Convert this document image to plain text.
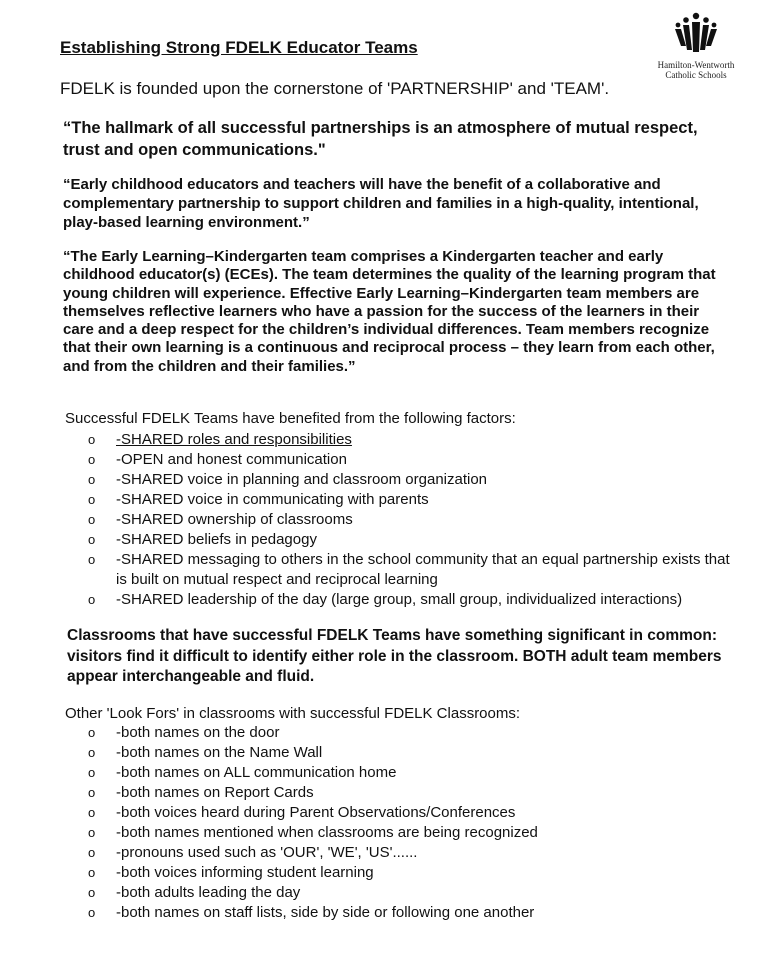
Establishing Strong FDELK Educator Teams
Hamilton-Wentworth
Catholic Schools
FDELK is founded upon the cornerstone of 'PARTNERSHIP' and 'TEAM'.
“The hallmark of all successful partnerships is an atmosphere of mutual respect, trust and open communications."
“Early childhood educators and teachers will have the benefit of a collaborative and complementary partnership to support children and families in a high-quality, intentional, play-based learning environment.”
“The Early Learning–Kindergarten team comprises a Kindergarten teacher and early childhood educator(s) (ECEs). The team determines the quality of the learning program that young children will experience. Effective Early Learning–Kindergarten team members are themselves reflective learners who have a passion for the success of the learners in their care and a deep respect for the children’s individual differences. Team members recognize that their own learning is a continuous and reciprocal process – they learn from each other, and from the children and their families.”
Successful FDELK Teams have benefited from the following factors:
o	-SHARED roles and responsibilities
o	-OPEN and honest communication
o	-SHARED voice in planning and classroom organization
o	-SHARED voice in communicating with parents
o	-SHARED ownership of classrooms
o	-SHARED beliefs in pedagogy
o	-SHARED messaging to others in the school community that an equal partnership exists that is built on mutual respect and reciprocal learning
o	-SHARED leadership of the day (large group, small group, individualized interactions)
Classrooms that have successful FDELK Teams have something significant in common: visitors find it difficult to identify either role in the classroom. BOTH adult team members appear interchangeable and fluid.
Other 'Look Fors' in classrooms with successful FDELK Classrooms:
o	-both names on the door
o	-both names on the Name Wall
o	-both names on ALL communication home
o	-both names on Report Cards
o	-both voices heard during Parent Observations/Conferences
o	-both names mentioned when classrooms are being recognized
o	-pronouns used such as 'OUR', 'WE', 'US'......
o	-both voices informing student learning
o	-both adults leading the day
o	-both names on staff lists, side by side or following one another
